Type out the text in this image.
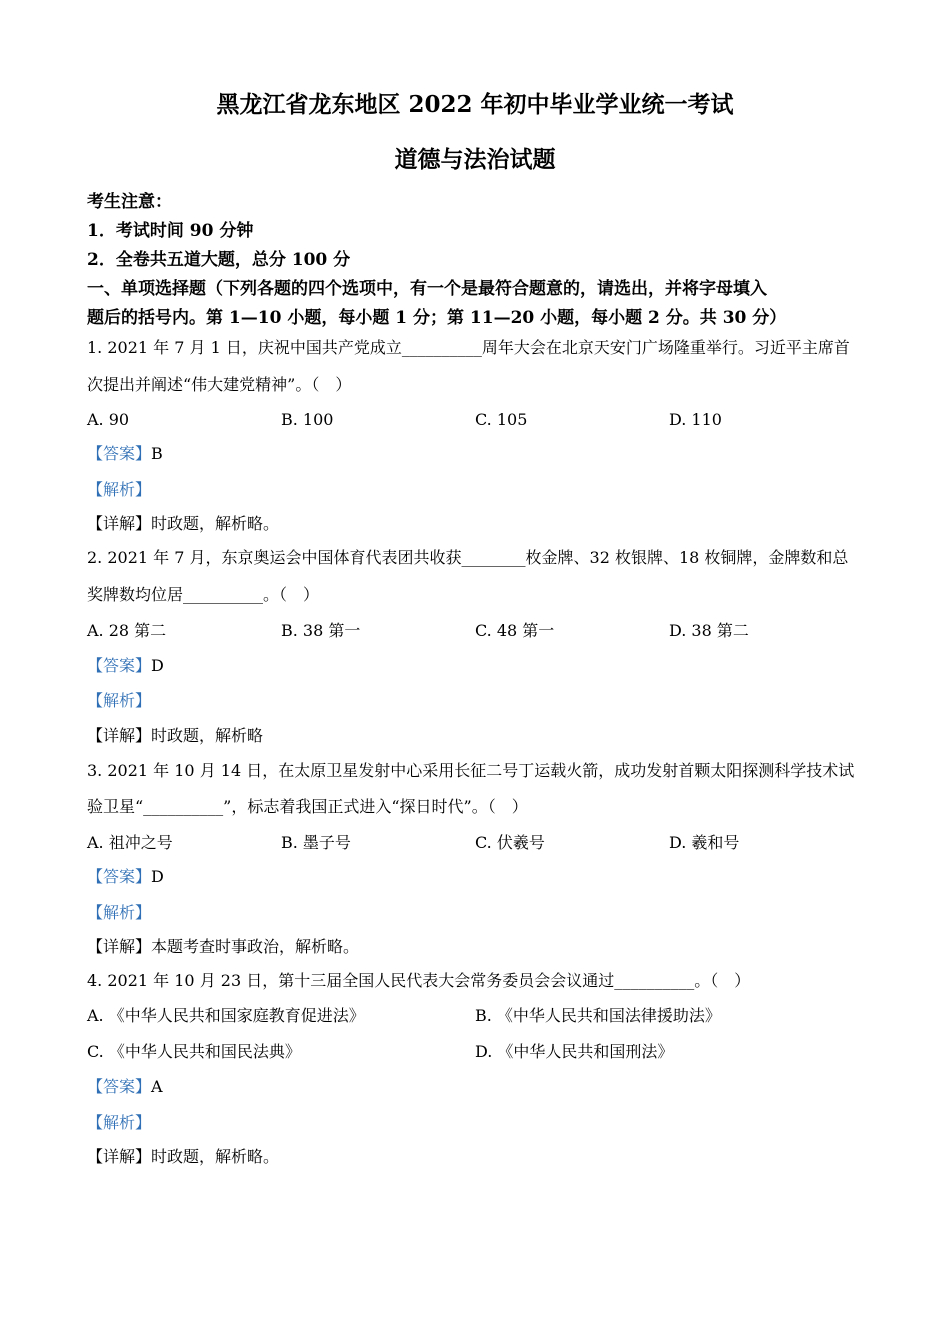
黑龙江省龙东地区 2022 年初中毕业学业统一考试
道德与法治试题
考生注意：
1．考试时间 90 分钟
2．全卷共五道大题，总分 100 分
一、单项选择题（下列各题的四个选项中，有一个是最符合题意的，请选出，并将字母填入
题后的括号内。第 1—10 小题，每小题 1 分；第 11—20 小题，每小题 2 分。共 30 分）
1. 2021 年 7 月 1 日，庆祝中国共产党成立__________周年大会在北京天安门广场隆重举行。习近平主席首
次提出并阐述“伟大建党精神”。（　）
A. 90	B. 100	C. 105	D. 110
【答案】B
【解析】
【详解】时政题，解析略。
2. 2021 年 7 月，东京奥运会中国体育代表团共收获________枚金牌、32 枚银牌、18 枚铜牌，金牌数和总
奖牌数均位居__________。（　）
A. 28 第二	B. 38 第一	C. 48 第一	D. 38 第二
【答案】D
【解析】
【详解】时政题，解析略
3. 2021 年 10 月 14 日，在太原卫星发射中心采用长征二号丁运载火箭，成功发射首颗太阳探测科学技术试
验卫星“__________”，标志着我国正式进入“探日时代”。（　）
A. 祖冲之号	B. 墨子号	C. 伏羲号	D. 羲和号
【答案】D
【解析】
【详解】本题考查时事政治，解析略。
4. 2021 年 10 月 23 日，第十三届全国人民代表大会常务委员会会议通过__________。（　）
A. 《中华人民共和国家庭教育促进法》	B. 《中华人民共和国法律援助法》
C. 《中华人民共和国民法典》	D. 《中华人民共和国刑法》
【答案】A
【解析】
【详解】时政题，解析略。
